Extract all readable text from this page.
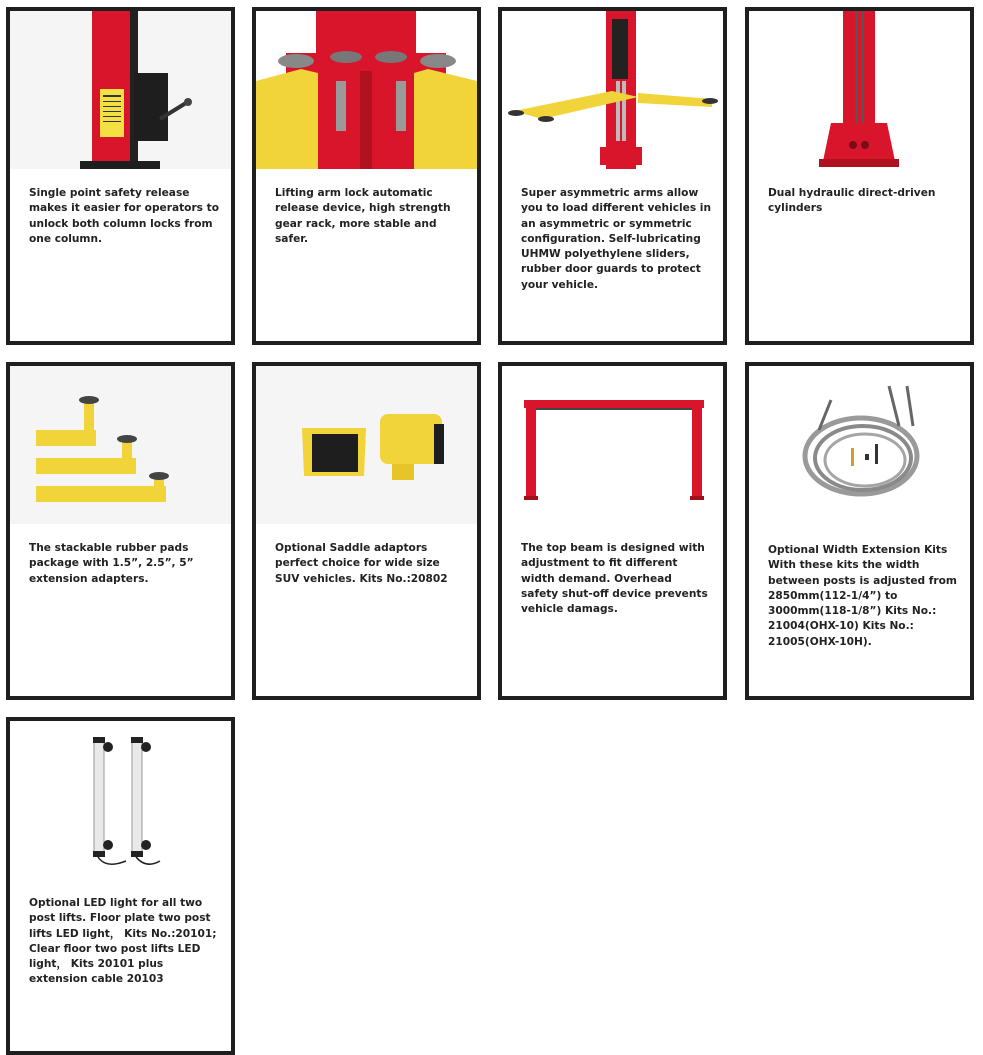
Single point safety release makes it easier for operators to unlock both column locks from one column.

Lifting arm lock automatic release device, high strength gear rack, more stable and safer.

Super asymmetric arms allow you to load different vehicles in an asymmetric or symmetric configuration. Self-lubricating UHMW polyethylene sliders, rubber door guards to protect your vehicle.

Dual hydraulic direct-driven cylinders

The stackable rubber pads package with 1.5”, 2.5”, 5” extension adapters.

Optional Saddle adaptors perfect choice for wide size SUV vehicles. Kits No.:20802

The top beam is designed with adjustment to fit different width demand. Overhead safety shut-off device prevents vehicle damags.

Optional Width Extension Kits With these kits the width between posts is adjusted from 2850mm(112-1/4”) to 3000mm(118-1/8”) Kits No.: 21004(OHX-10) Kits No.: 21005(OHX-10H).

Optional LED light for all two post lifts. Floor plate two post lifts LED light， Kits No.:20101; Clear floor two post lifts LED light， Kits 20101 plus extension cable 20103
